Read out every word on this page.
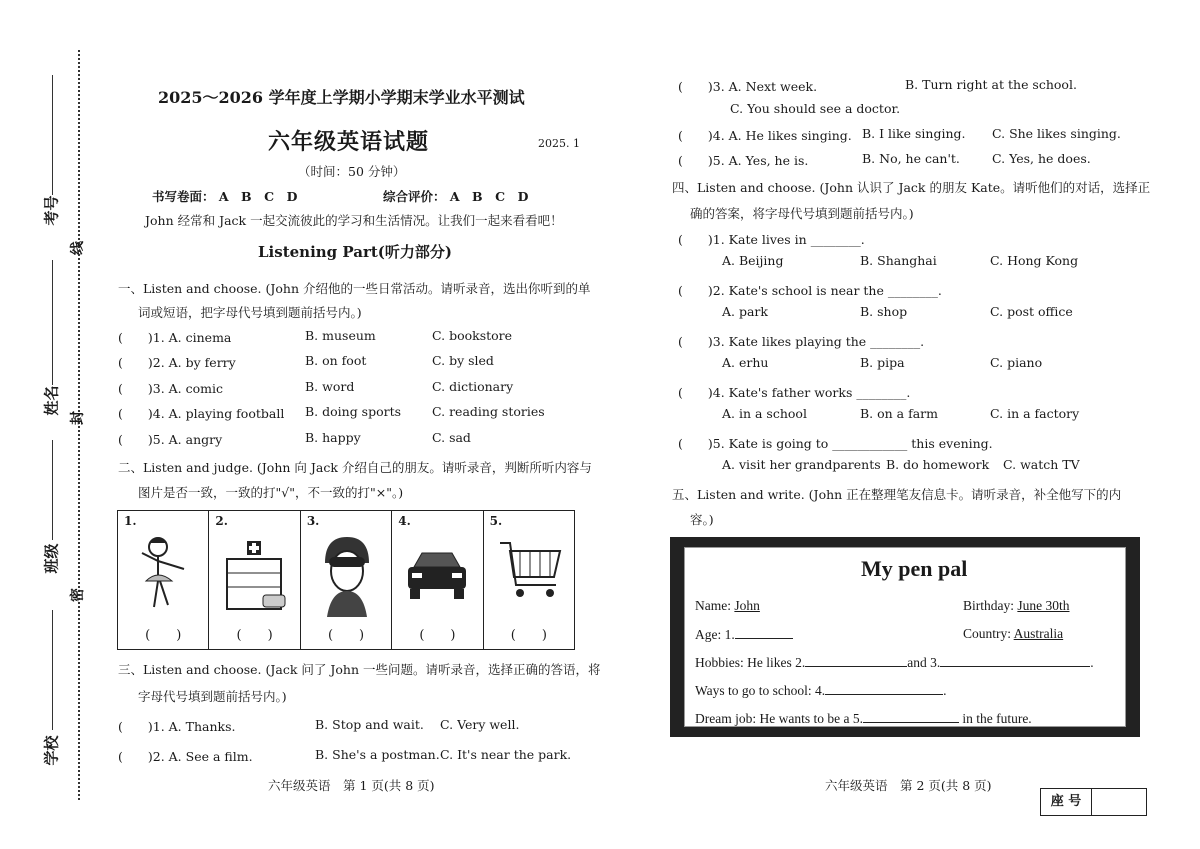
考号
姓名
班级
学校
线
封
密
2025～2026 学年度上学期小学期末学业水平测试
六年级英语试题	2025. 1
（时间：50 分钟）
书写卷面： A　B　C　D	综合评价： A　B　C　D
John 经常和 Jack 一起交流彼此的学习和生活情况。让我们一起来看看吧！
Listening Part(听力部分)
一、Listen and choose. (John 介绍他的一些日常活动。请听录音，选出你听到的单
词或短语，把字母代号填到题前括号内。)
(　　)1. A. cinema	B. museum	C. bookstore
(　　)2. A. by ferry	B. on foot	C. by sled
(　　)3. A. comic	B. word	C. dictionary
(　　)4. A. playing football B. doing sports C. reading stories
(　　)5. A. angry	B. happy	C. sad
二、Listen and judge. (John 向 Jack 介绍自己的朋友。请听录音，判断所听内容与
图片是否一致，一致的打"√"，不一致的打"×"。)
1.
(　　)
2.
(　　)
3.
(　　)
4.
(　　)
5.
(　　)
三、Listen and choose. (Jack 问了 John 一些问题。请听录音，选择正确的答语，将
字母代号填到题前括号内。)
(　　)1. A. Thanks.	B. Stop and wait. C. Very well.
(　　)2. A. See a film.	B. She's a postman. C. It's near the park.
六年级英语　第 1 页(共 8 页)
(　　)3. A. Next week.	B. Turn right at the school.
C. You should see a doctor.
(　　)4. A. He likes singing. B. I like singing. C. She likes singing.
(　　)5. A. Yes, he is.	B. No, he can't.	C. Yes, he does.
四、Listen and choose. (John 认识了 Jack 的朋友 Kate。请听他们的对话，选择正
确的答案，将字母代号填到题前括号内。)
(　　)1. Kate lives in ________.
A. Beijing	B. Shanghai	C. Hong Kong
(　　)2. Kate's school is near the ________.
A. park	B. shop	C. post office
(　　)3. Kate likes playing the ________.
A. erhu	B. pipa	C. piano
(　　)4. Kate's father works ________.
A. in a school	B. on a farm	C. in a factory
(　　)5. Kate is going to ____________ this evening.
A. visit her grandparents B. do homework C. watch TV
五、Listen and write. (John 正在整理笔友信息卡。请听录音，补全他写下的内
容。)
My pen pal
Name: John	Birthday: June 30th
Age: 1.	Country: Australia
Hobbies: He likes 2.	and 3.	.
Ways to go to school: 4.	.
Dream job: He wants to be a 5.	in the future.
六年级英语　第 2 页(共 8 页)
座 号
